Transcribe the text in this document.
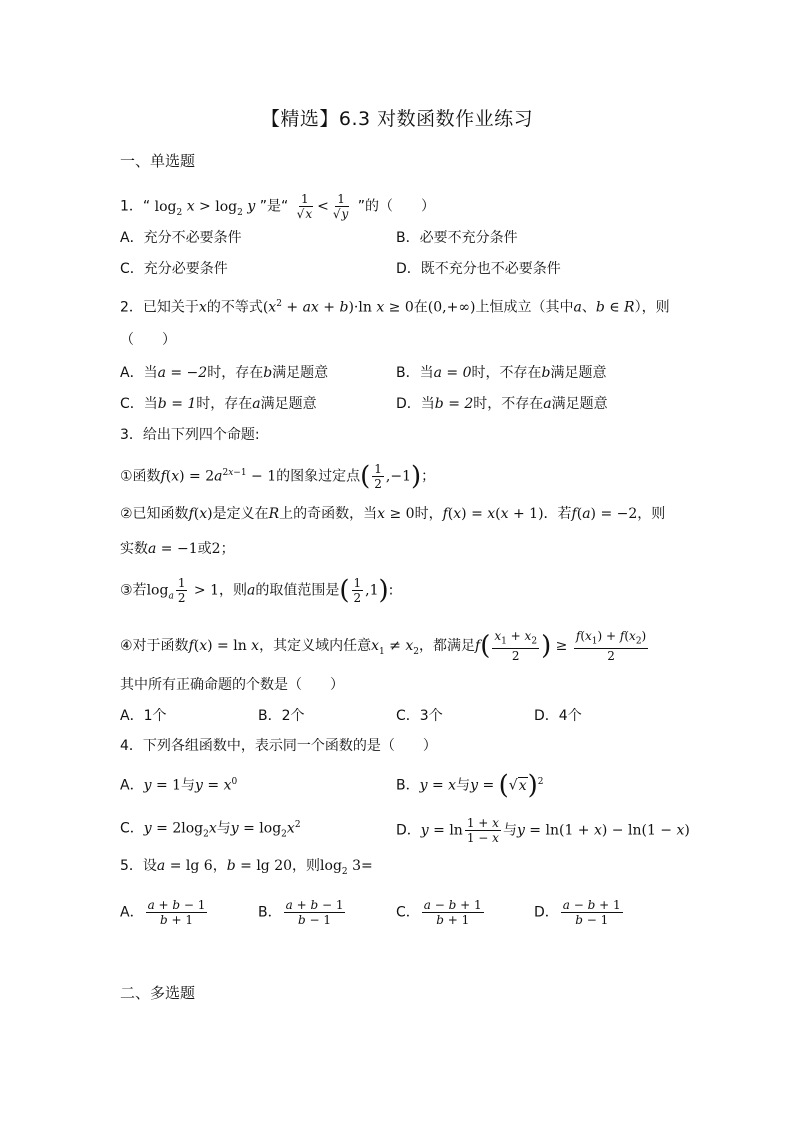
【精选】6.3 对数函数作业练习
一、单选题
1．“ $\log_2 x > \log_2 y$ ”是“ $\frac{1}{√x} < \frac{1}{√y}$ ”的（　　）
A．充分不必要条件	B．必要不充分条件
C．充分必要条件	D．既不充分也不必要条件
2．已知关于x的不等式($x^2$ + ax + b)·ln x ≥ 0在(0,+∞)上恒成立（其中a、b ∈ R），则
（　　）
A．当a = −2时，存在b满足题意	B．当a = 0时，不存在b满足题意
C．当b = 1时，存在a满足题意	D．当b = 2时，不存在a满足题意
3．给出下列四个命题:
①函数$f(x) = 2a^{2x-1} - 1$的图象过定点( $\frac{1}{2} ,-1$)；
②已知函数f(x)是定义在R上的奇函数，当x ≥ 0时，f(x) = x(x + 1)．若f(a) = −2，则
实数a = −1或2；
③若$\log_a \frac{1}{2} > 1$，则a的取值范围是( $\frac{1}{2} ,1$):
④对于函数f(x) = ln x，其定义域内任意$x_1 \ne x_2$，都满足$f( \frac{x_1 + x_2}{2}$ ) ≥ $\frac{f(x_1) + f(x_2)}{2}$
其中所有正确命题的个数是（　　）
A．1个	B．2个	C．3个	D．4个
4．下列各组函数中，表示同一个函数的是（　　）
A．y = 1与$y = x^0$	B．y = x与$y = (√x)^2$
C．$y = 2\log_2x$与$y = \log_2x^2$	D．$y = \ln \frac{1 + x}{1 - x}$ 与y = ln(1 + x) − ln(1 − x)
5．设a = lg 6，b = lg 20，则$\log_2 3=$
A． $\frac{a + b - 1}{b + 1}$	B． $\frac{a + b - 1}{b - 1}$	C． $\frac{a - b + 1}{b + 1}$	D． $\frac{a - b + 1}{b - 1}$
二、多选题
